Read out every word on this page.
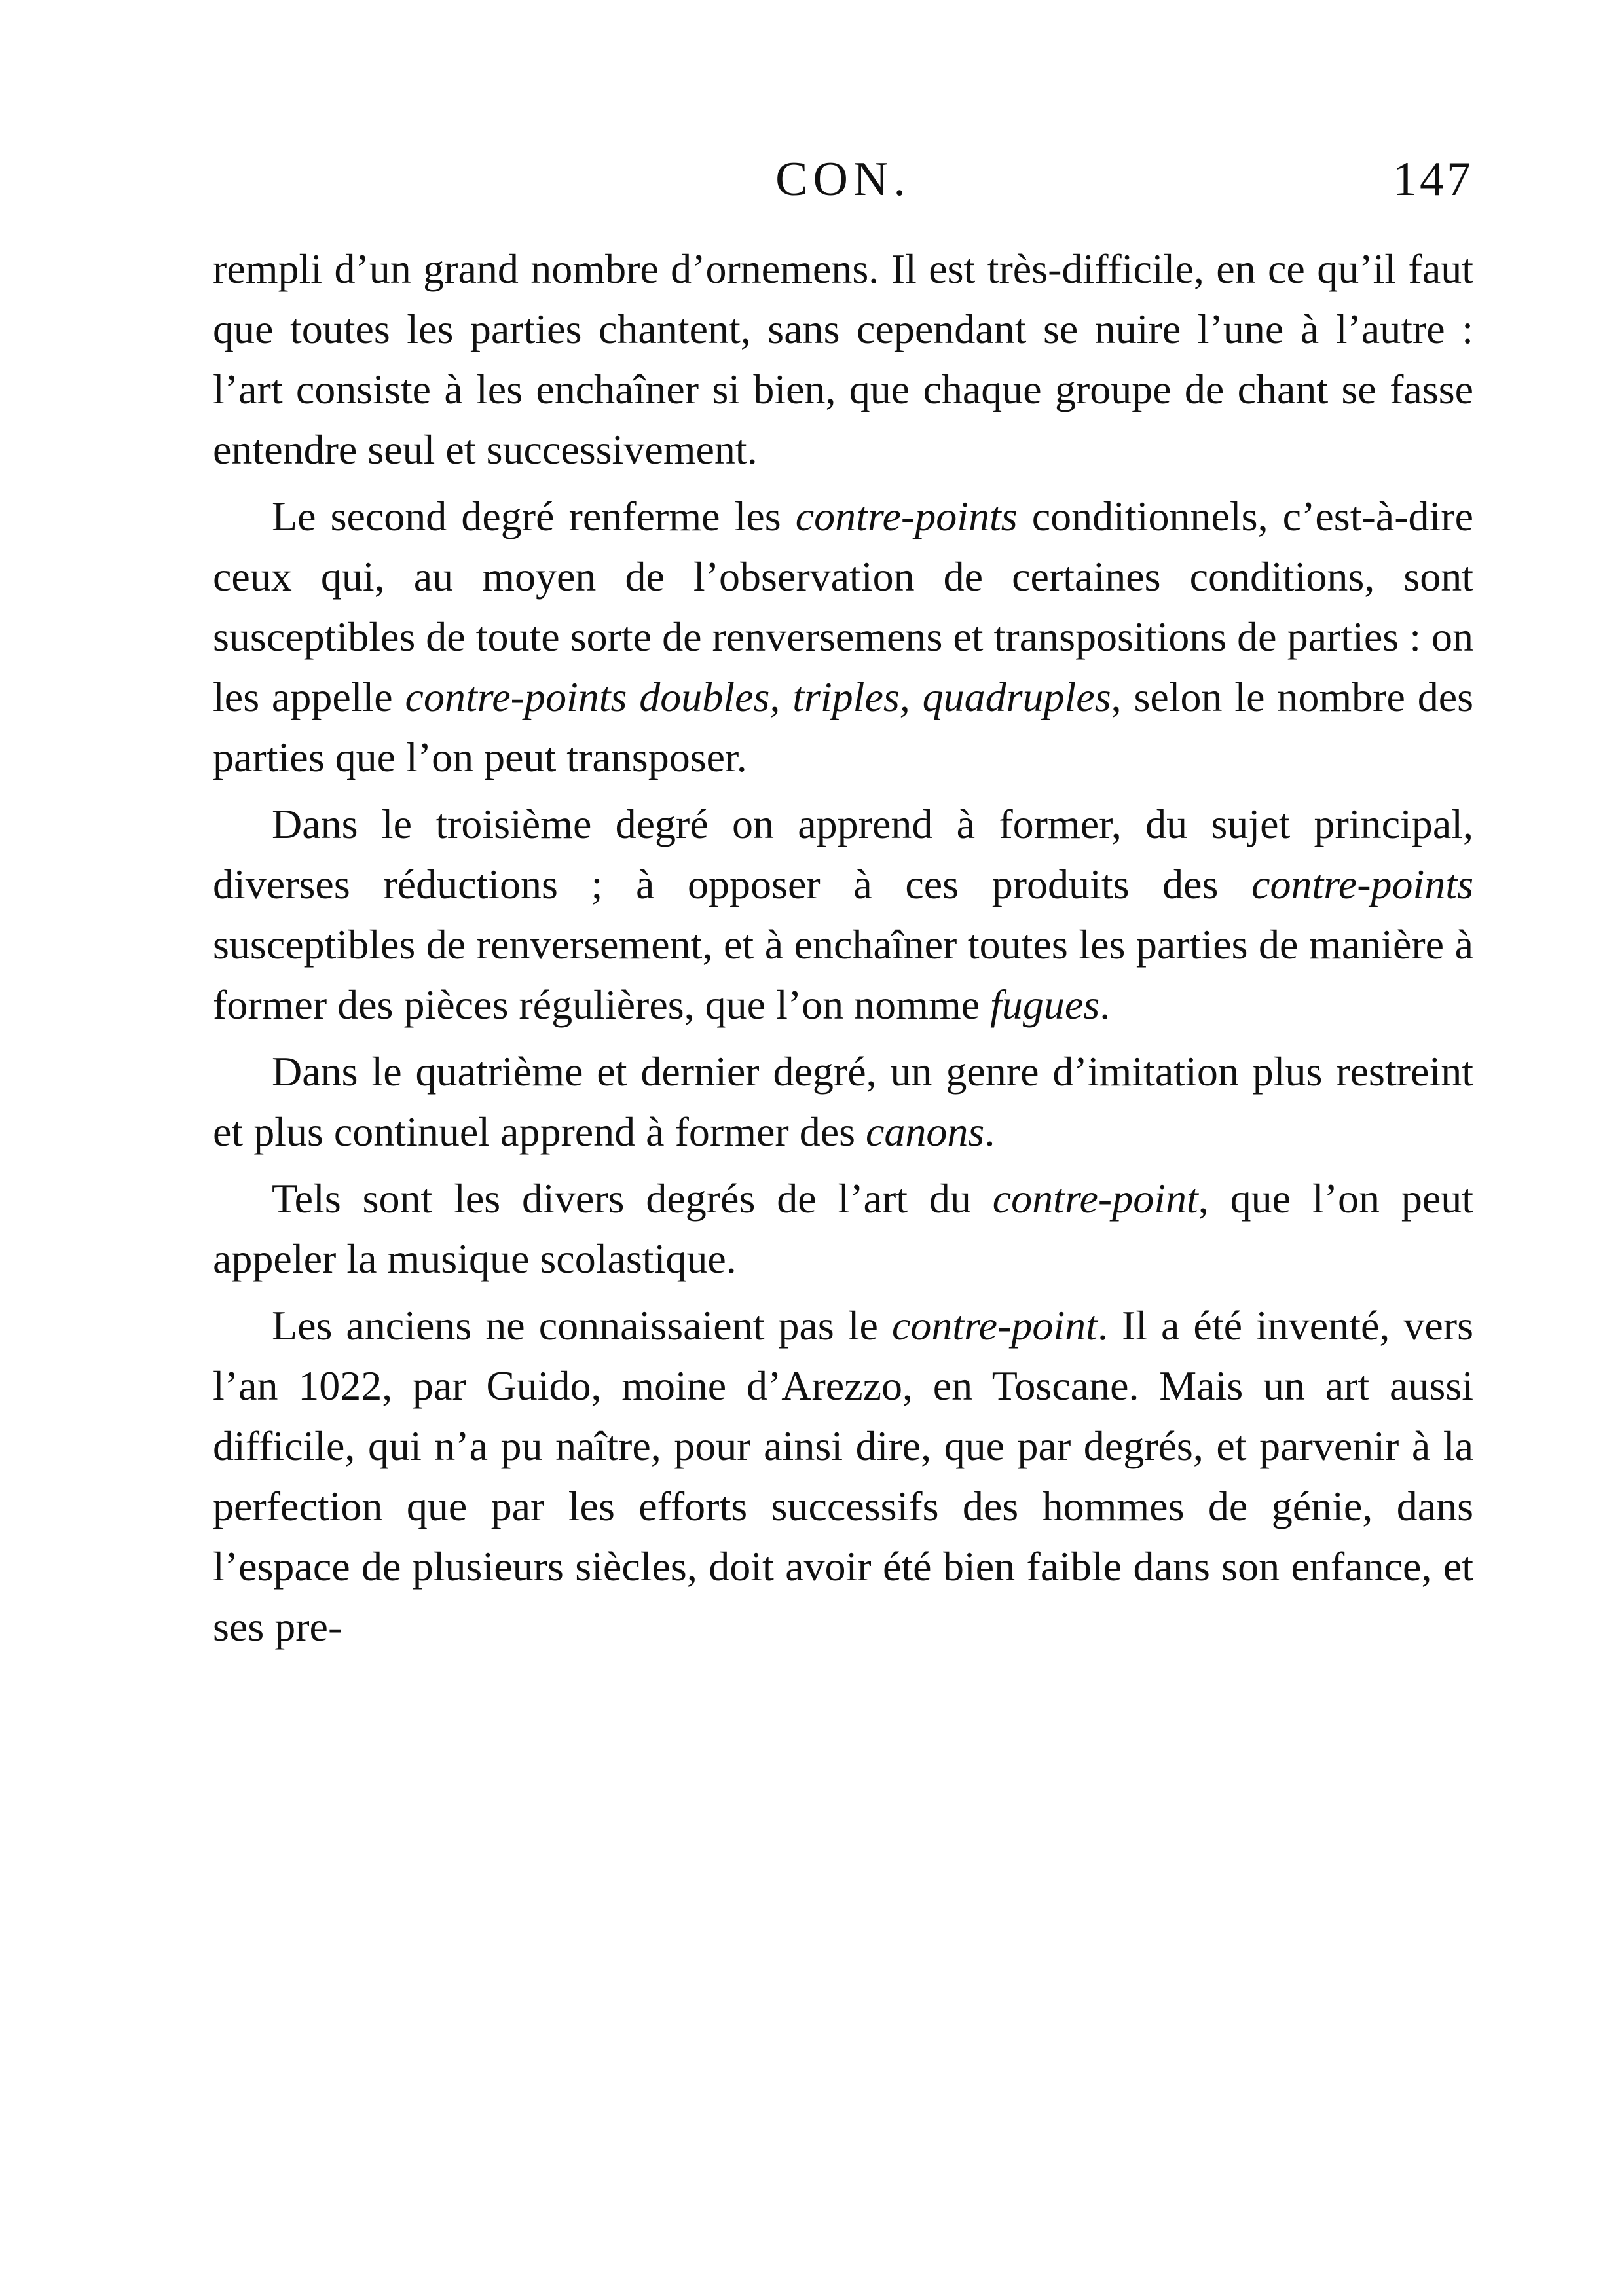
CON.	147

rempli d’un grand nombre d’ornemens. Il est très-difficile, en ce qu’il faut que toutes les parties chantent, sans cependant se nuire l’une à l’autre : l’art consiste à les enchaîner si bien, que chaque groupe de chant se fasse entendre seul et successivement.

Le second degré renferme les contre-points conditionnels, c’est-à-dire ceux qui, au moyen de l’observation de certaines conditions, sont susceptibles de toute sorte de renversemens et transpositions de parties : on les appelle contre-points doubles, triples, quadruples, selon le nombre des parties que l’on peut transposer.

Dans le troisième degré on apprend à former, du sujet principal, diverses réductions ; à opposer à ces produits des contre-points susceptibles de renversement, et à enchaîner toutes les parties de manière à former des pièces régulières, que l’on nomme fugues.

Dans le quatrième et dernier degré, un genre d’imitation plus restreint et plus continuel apprend à former des canons.

Tels sont les divers degrés de l’art du contre-point, que l’on peut appeler la musique scolastique.

Les anciens ne connaissaient pas le contre-point. Il a été inventé, vers l’an 1022, par Guido, moine d’Arezzo, en Toscane. Mais un art aussi difficile, qui n’a pu naître, pour ainsi dire, que par degrés, et parvenir à la perfection que par les efforts successifs des hommes de génie, dans l’espace de plusieurs siècles, doit avoir été bien faible dans son enfance, et ses pre-
